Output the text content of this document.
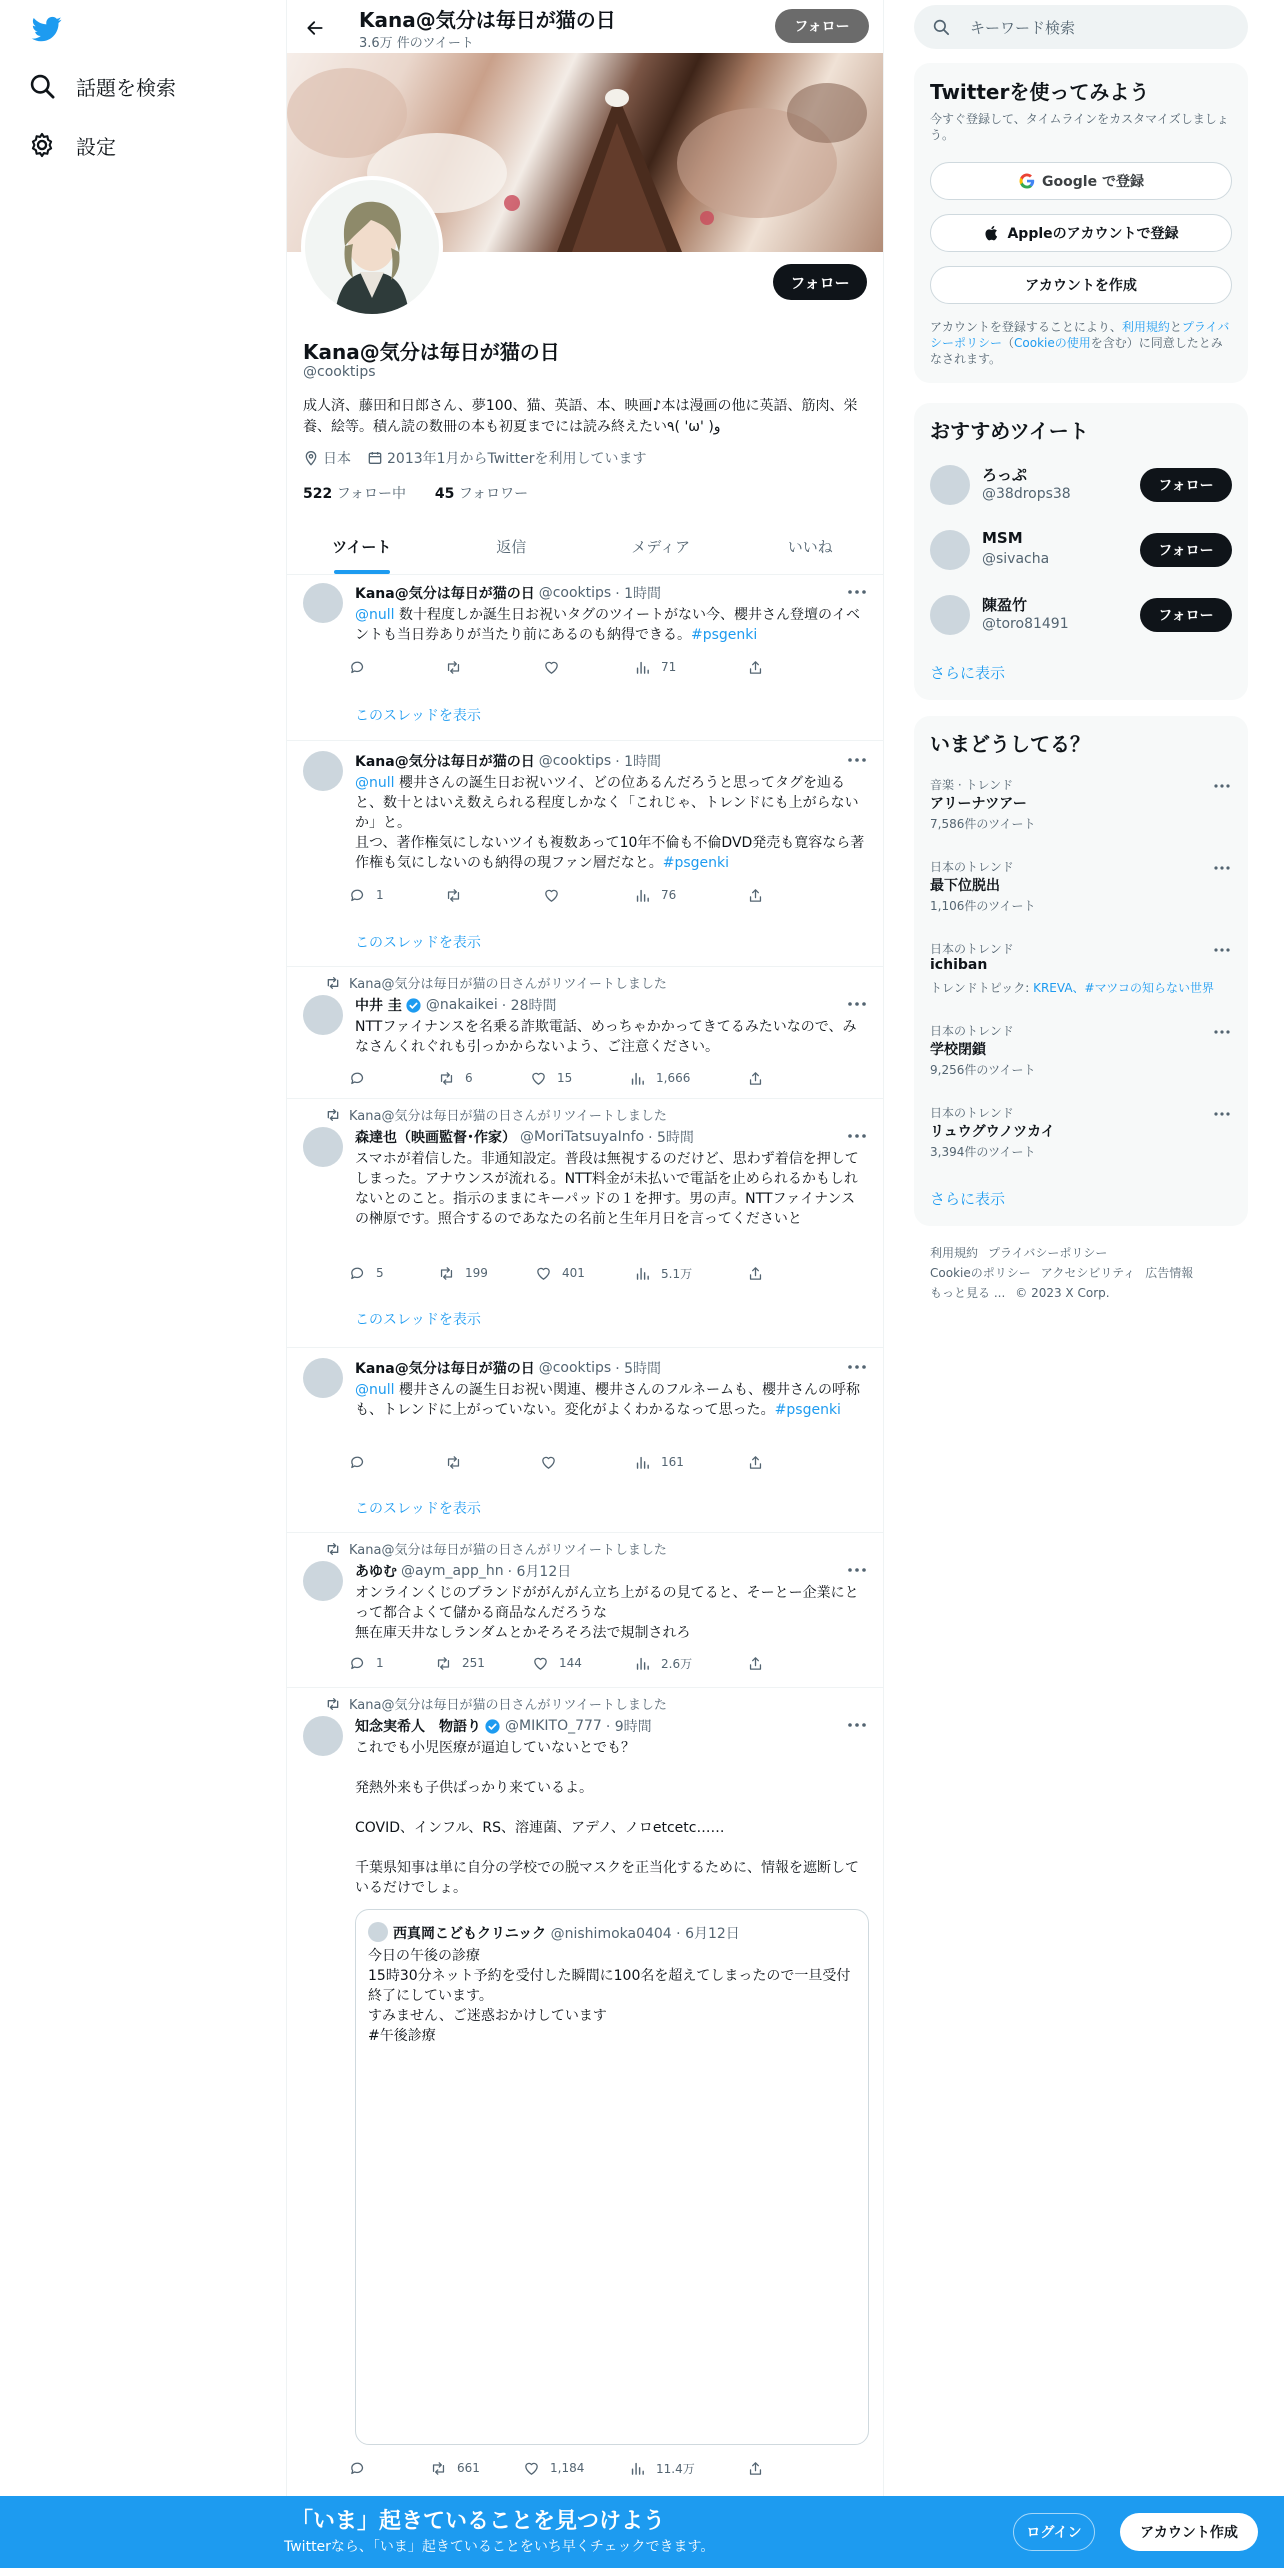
話題を検索
設定
Kana@気分は毎日が猫の日
3.6万 件のツイート
フォロー
フォロー
Kana@気分は毎日が猫の日
@cooktips
成人済、藤田和日郎さん、夢100、猫、英語、本、映画♪本は漫画の他に英語、筋肉、栄養、絵等。積ん読の数冊の本も初夏までには読み終えたい٩( 'ω' )و
日本	2013年1月からTwitterを利用しています
522 フォロー中 45 フォロワー
ツイート	返信	メディア	いいね
Kana@気分は毎日が猫の日 @cooktips · 1時間
@null 数十程度しか誕生日お祝いタグのツイートがない今、櫻井さん登壇のイベントも当日券ありが当たり前にあるのも納得できる。#psgenki
71
このスレッドを表示
Kana@気分は毎日が猫の日 @cooktips · 1時間
@null 櫻井さんの誕生日お祝いツイ、どの位あるんだろうと思ってタグを辿ると、数十とはいえ数えられる程度しかなく「これじゃ、トレンドにも上がらないか」と。
且つ、著作権気にしないツイも複数あって10年不倫も不倫DVD発売も寛容なら著作権も気にしないのも納得の現ファン層だなと。#psgenki
1	76
このスレッドを表示
Kana@気分は毎日が猫の日さんがリツイートしました
中井 圭 @nakaikei · 28時間
NTTファイナンスを名乗る詐欺電話、めっちゃかかってきてるみたいなので、みなさんくれぐれも引っかからないよう、ご注意ください。
6	15	1,666
Kana@気分は毎日が猫の日さんがリツイートしました
森達也（映画監督･作家） @MoriTatsuyaInfo · 5時間
スマホが着信した。非通知設定。普段は無視するのだけど、思わず着信を押してしまった。アナウンスが流れる。NTT料金が未払いで電話を止められるかもしれないとのこと。指示のままにキーパッドの１を押す。男の声。NTTファイナンスの榊原です。照合するのであなたの名前と生年月日を言ってくださいと
5	199	401	5.1万
このスレッドを表示
Kana@気分は毎日が猫の日 @cooktips · 5時間
@null 櫻井さんの誕生日お祝い関連、櫻井さんのフルネームも、櫻井さんの呼称も、トレンドに上がっていない。変化がよくわかるなって思った。#psgenki
161
このスレッドを表示
Kana@気分は毎日が猫の日さんがリツイートしました
あゆむ @aym_app_hn · 6月12日
オンラインくじのブランドががんがん立ち上がるの見てると、そーとー企業にとって都合よくて儲かる商品なんだろうな
無在庫天井なしランダムとかそろそろ法で規制されろ
1	251	144	2.6万
Kana@気分は毎日が猫の日さんがリツイートしました
知念実希人　物語り @MIKITO_777 · 9時間
これでも小児医療が逼迫していないとでも？

発熱外来も子供ばっかり来ているよ。

COVID、インフル、RS、溶連菌、アデノ、ノロetcetc……

千葉県知事は単に自分の学校での脱マスクを正当化するために、情報を遮断しているだけでしょ。
西真岡こどもクリニック @nishimoka0404 · 6月12日
今日の午後の診療
15時30分ネット予約を受付した瞬間に100名を超えてしまったので一旦受付終了にしています。
すみません、ご迷惑おかけしています
#午後診療
661	1,184	11.4万
キーワード検索
Twitterを使ってみよう
今すぐ登録して、タイムラインをカスタマイズしましょう。
Google で登録
Appleのアカウントで登録
アカウントを作成
アカウントを登録することにより、利用規約とプライバシーポリシー（Cookieの使用を含む）に同意したとみなされます。
おすすめツイート
ろっぷ
@38drops38	フォロー
MSM
@sivacha	フォロー
陳盈竹
@toro81491	フォロー
さらに表示
いまどうしてる？
音楽 · トレンド
アリーナツアー
7,586件のツイート
日本のトレンド
最下位脱出
1,106件のツイート
日本のトレンド
ichiban
トレンドトピック: KREVA、#マツコの知らない世界
日本のトレンド
学校閉鎖
9,256件のツイート
日本のトレンド
リュウグウノツカイ
3,394件のツイート
さらに表示
利用規約 プライバシーポリシー
Cookieのポリシー アクセシビリティ 広告情報
もっと見る ... © 2023 X Corp.
「いま」起きていることを見つけよう
Twitterなら、「いま」起きていることをいち早くチェックできます。
ログイン	アカウント作成
